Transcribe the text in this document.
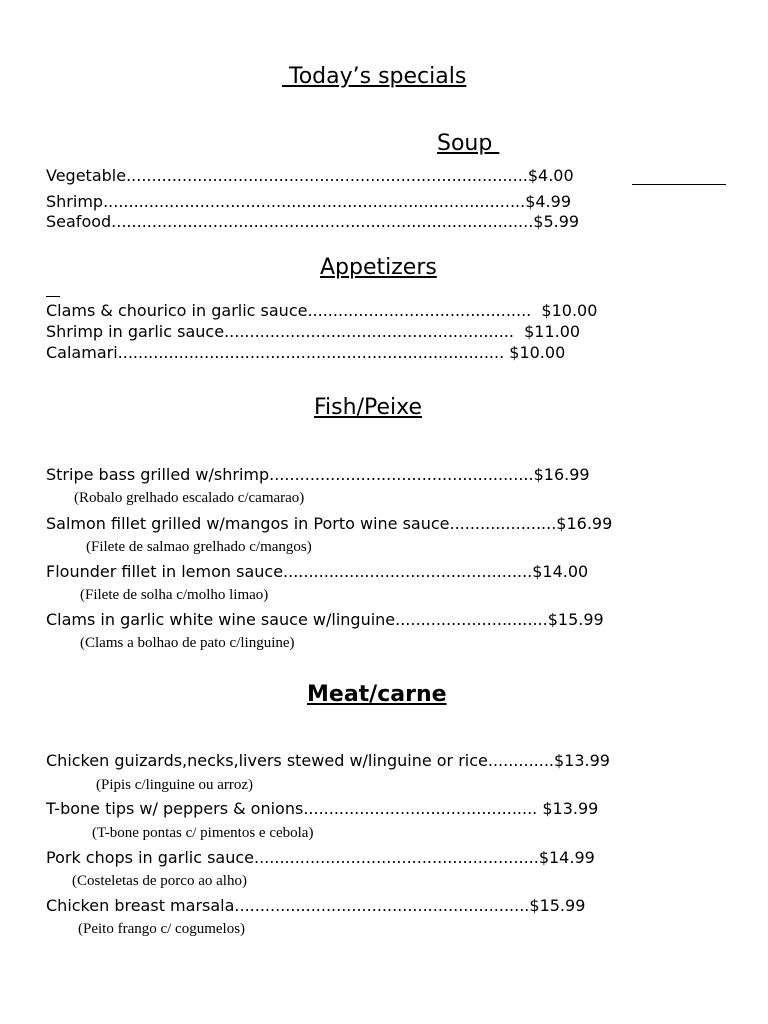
Today’s specials
Soup
Vegetable...............................................................................$4.00
Shrimp...................................................................................$4.99
Seafood...................................................................................$5.99
Appetizers
Clams & chourico in garlic sauce............................................  $10.00
Shrimp in garlic sauce.........................................................  $11.00
Calamari............................................................................ $10.00
Fish/Peixe
Stripe bass grilled w/shrimp....................................................$16.99
(Robalo grelhado escalado c/camarao)
Salmon fillet grilled w/mangos in Porto wine sauce.....................$16.99
(Filete de salmao grelhado c/mangos)
Flounder fillet in lemon sauce.................................................$14.00
(Filete de solha c/molho limao)
Clams in garlic white wine sauce w/linguine..............................$15.99
(Clams a bolhao de pato c/linguine)
Meat/carne
Chicken guizards,necks,livers stewed w/linguine or rice.............$13.99
(Pipis c/linguine ou arroz)
T-bone tips w/ peppers & onions.............................................. $13.99
(T-bone pontas c/ pimentos e cebola)
Pork chops in garlic sauce........................................................$14.99
(Costeletas de porco ao alho)
Chicken breast marsala..........................................................$15.99
(Peito frango c/ cogumelos)
